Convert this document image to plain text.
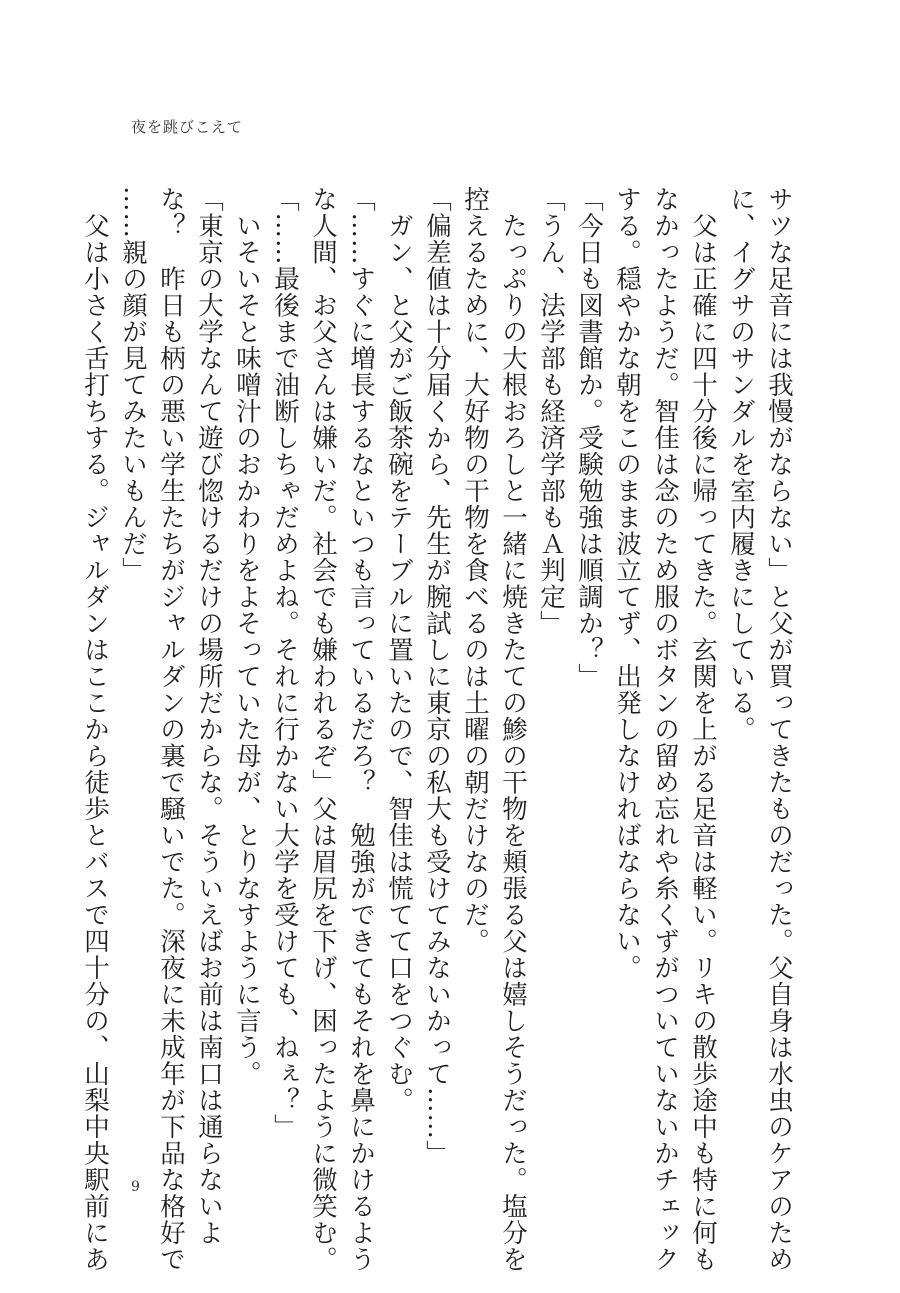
夜を跳びこえて
サツな足音には我慢がならない」と父が買ってきたものだった。父自身は水虫のケアのため
に、イグサのサンダルを室内履きにしている。
　父は正確に四十分後に帰ってきた。玄関を上がる足音は軽い。リキの散歩途中も特に何も
なかったようだ。智佳は念のため服のボタンの留め忘れや糸くずがついていないかチェック
する。穏やかな朝をこのまま波立てず、出発しなければならない。
「今日も図書館か。受験勉強は順調か？」
「うん、法学部も経済学部もＡ判定」
　たっぷりの大根おろしと一緒に焼きたての鯵の干物を頬張る父は嬉しそうだった。塩分を
控えるために、大好物の干物を食べるのは土曜の朝だけなのだ。
「偏差値は十分届くから、先生が腕試しに東京の私大も受けてみないかって……」
　ガン、と父がご飯茶碗をテーブルに置いたので、智佳は慌てて口をつぐむ。
「……すぐに増長するなといつも言っているだろ？　勉強ができてもそれを鼻にかけるよう
な人間、お父さんは嫌いだ。社会でも嫌われるぞ」父は眉尻を下げ、困ったように微笑む。
「……最後まで油断しちゃだめよね。それに行かない大学を受けても、ねぇ？」
　いそいそと味噌汁のおかわりをよそっていた母が、とりなすように言う。
「東京の大学なんて遊び惚けるだけの場所だからな。そういえばお前は南口は通らないよ
な？　昨日も柄の悪い学生たちがジャルダンの裏で騒いでた。深夜に未成年が下品な格好で
……親の顔が見てみたいもんだ」
　父は小さく舌打ちする。ジャルダンはここから徒歩とバスで四十分の、山梨中央駅前にあ 9
